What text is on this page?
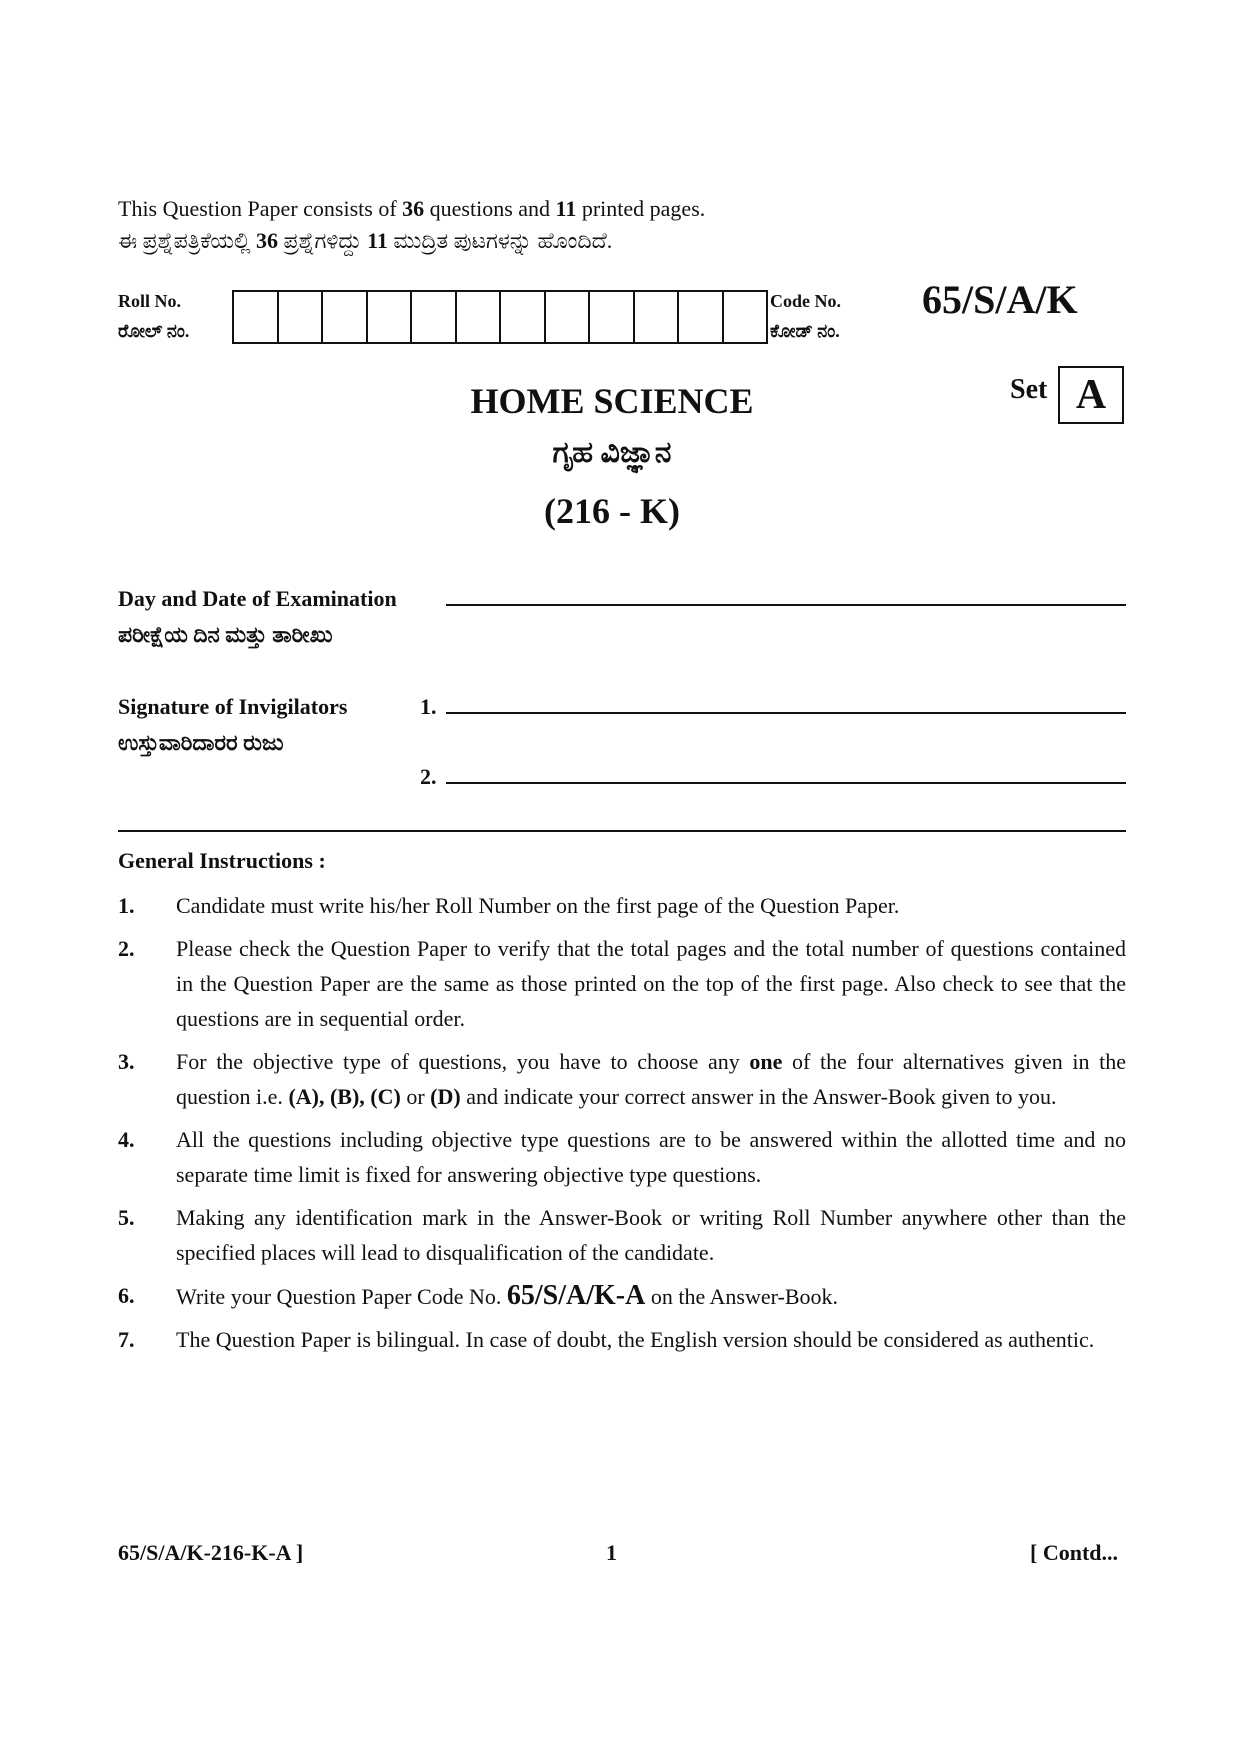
This Question Paper consists of 36 questions and 11 printed pages.
ಈ ಪ್ರಶ್ನೆಪತ್ರಿಕೆಯಲ್ಲಿ 36 ಪ್ರಶ್ನೆಗಳಿದ್ದು 11 ಮುದ್ರಿತ ಪುಟಗಳನ್ನು ಹೊಂದಿದೆ.
Roll No.
ರೋಲ್ ನಂ.
Code No.
ಕೋಡ್ ನಂ.
65/S/A/K
Set A
HOME SCIENCE
ಗೃಹ ವಿಜ್ಞಾನ
(216 - K)
Day and Date of Examination
ಪರೀಕ್ಷೆಯ ದಿನ ಮತ್ತು ತಾರೀಖು
Signature of Invigilators
ಉಸ್ತುವಾರಿದಾರರ ರುಜು
1.
2.
General Instructions :
1.	Candidate must write his/her Roll Number on the first page of the Question Paper.
2.	Please check the Question Paper to verify that the total pages and the total number of questions contained in the Question Paper are the same as those printed on the top of the first page. Also check to see that the questions are in sequential order.
3.	For the objective type of questions, you have to choose any one of the four alternatives given in the question i.e. (A), (B), (C) or (D) and indicate your correct answer in the Answer-Book given to you.
4.	All the questions including objective type questions are to be answered within the allotted time and no separate time limit is fixed for answering objective type questions.
5.	Making any identification mark in the Answer-Book or writing Roll Number anywhere other than the specified places will lead to disqualification of the candidate.
6.	Write your Question Paper Code No. 65/S/A/K-A on the Answer-Book.
7.	The Question Paper is bilingual. In case of doubt, the English version should be considered as authentic.
65/S/A/K-216-K-A ]	1	[ Contd...
